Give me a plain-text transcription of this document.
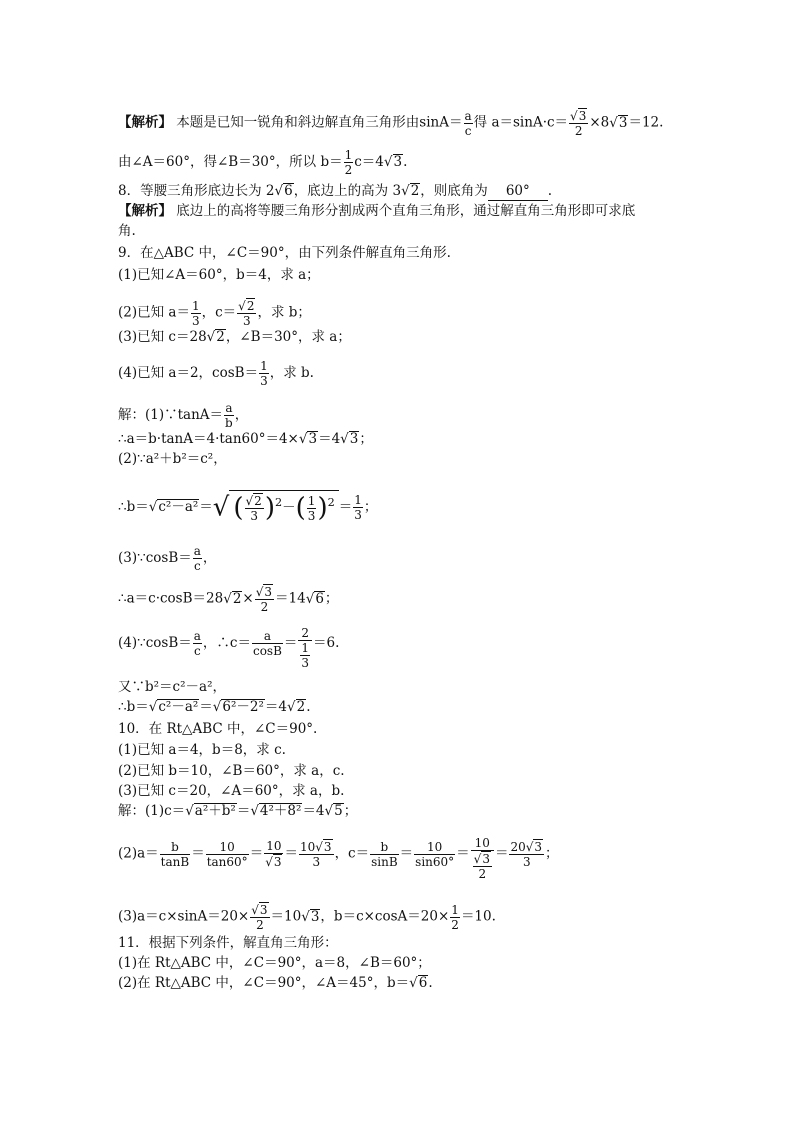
【解析】 本题是已知一锐角和斜边解直角三角形由$\sin A= \frac{a}{c}$ 得 $a=\sin A\cdot c= \frac{√3}{2} \times 8√3=12$.
由∠A＝60°，得∠B＝30°，所以 $b= \frac{1}{2} c=4√3$.
8．等腰三角形底边长为 2√6，底边上的高为 3√2，则底角为 60° .
【解析】 底边上的高将等腰三角形分割成两个直角三角形，通过解直角三角形即可求底
角.
9．在△ABC 中，∠C＝90°，由下列条件解直角三角形.
(1)已知∠A＝60°，b＝4，求 a；
(2)已知 $a= \frac{1}{3}$ ，$c= \frac{√2}{3}$ ，求 b；
(3)已知 c＝28√2，∠B＝30°，求 a；
(4)已知 a＝2，$\cos B= \frac{1}{3}$ ，求 b.
解：(1)∵tanA＝ $\frac{a}{b}$ ，
∴a＝b·tanA＝4·tan60°＝4×√3＝4√3；
(2)∵a²＋b²＝c²，
∴b＝√c²－a²＝√ ( $\frac{√2}{3} )^2-( \frac{1}{3} )^2 = \frac{1}{3}$ ；
(3)∵cosB＝ $\frac{a}{c}$ ，
∴a＝c·cosB＝28√2× $\frac{√3}{2} =14√6$；
(4)∵cosB＝ $\frac{a}{c}$ ，∴c＝ $\frac{a}{\cos B} = \frac{2}{\frac{1}{3}} =6$.
又∵b²＝c²－a²，
∴b＝√c²－a²＝√6²－2²＝4√2.
10．在 Rt△ABC 中，∠C＝90°.
(1)已知 a＝4，b＝8，求 c.
(2)已知 b＝10，∠B＝60°，求 a，c.
(3)已知 c＝20，∠A＝60°，求 a，b.
解：(1)c＝√a²＋b²＝√4²＋8²＝4√5；
$(2)a= \frac{b}{\tan B} = \frac{10}{\tan 60^\circ} = \frac{10}{√3} = \frac{10√3}{3}$ ，$c= \frac{b}{\sin B} = \frac{10}{\sin 60^\circ} = \frac{10}{\frac{√3}{2}} = \frac{20√3}{3}$ ；
$(3)a=c\times\sin A=20\times \frac{√3}{2} =10√3$，$b=c\times\cos A=20\times \frac{1}{2} =10$.
11．根据下列条件，解直角三角形：
(1)在 Rt△ABC 中，∠C＝90°，a＝8，∠B＝60°；
(2)在 Rt△ABC 中，∠C＝90°，∠A＝45°，b＝√6.
